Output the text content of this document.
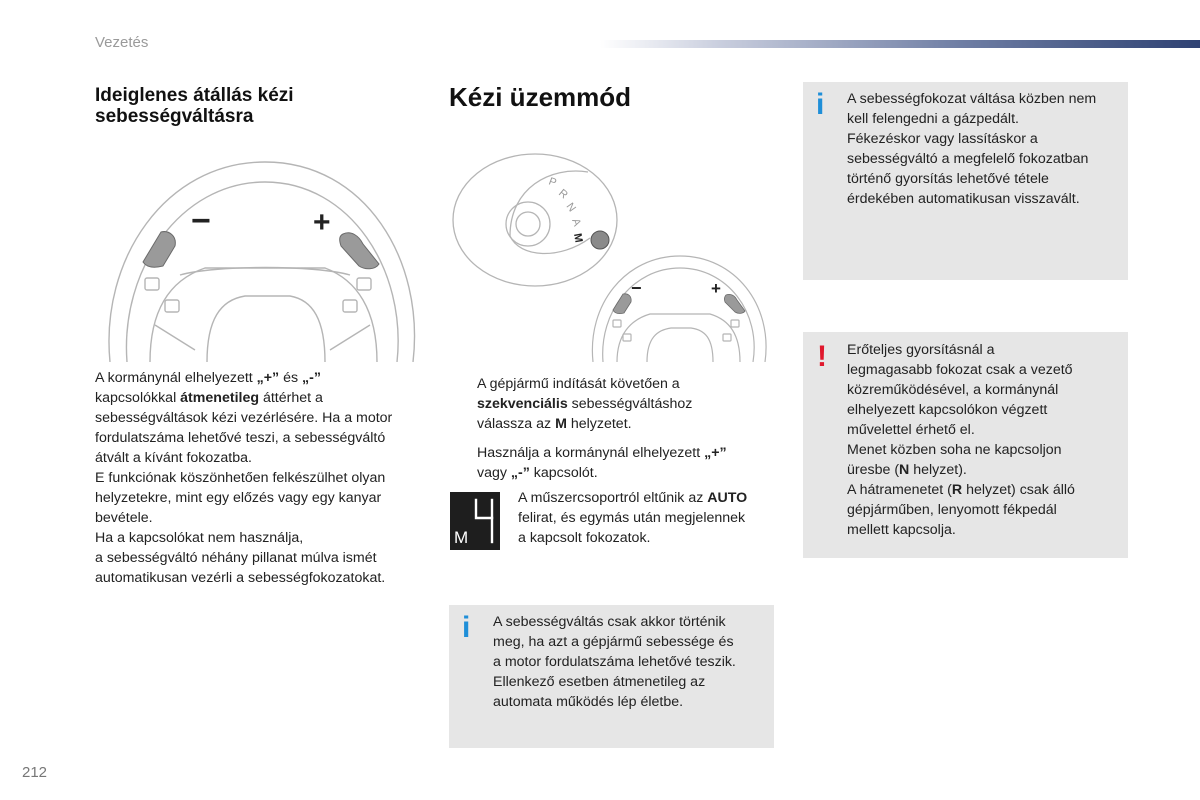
Vezetés
Ideiglenes átállás kézi
sebességváltásra
−	+

A kormánynál elhelyezett „+” és „-”

kapcsolókkal átmenetileg áttérhet a

sebességváltások kézi vezérlésére. Ha a motor

fordulatszáma lehetővé teszi, a sebességváltó

átvált a kívánt fokozatba.

E funkciónak köszönhetően felkészülhet olyan

helyzetekre, mint egy előzés vagy egy kanyar

bevétele.

Ha a kapcsolókat nem használja,

a sebességváltó néhány pillanat múlva ismét

automatikusan vezérli a sebességfokozatokat.

Kézi üzemmód
P
R
N
A
M
−	+

A gépjármű indítását követően a

szekvenciális sebességváltáshoz

válassza az M helyzetet.

Használja a kormánynál elhelyezett „+”

vagy „-” kapcsolót.

M

A műszercsoportról eltűnik az AUTO

felirat, és egymás után megjelennek

a kapcsolt fokozatok.

i A sebességváltás csak akkor történik

meg, ha azt a gépjármű sebessége és

a motor fordulatszáma lehetővé teszik.

Ellenkező esetben átmenetileg az

automata működés lép életbe.

i A sebességfokozat váltása közben nem

kell felengedni a gázpedált.

Fékezéskor vagy lassításkor a

sebességváltó a megfelelő fokozatban

történő gyorsítás lehetővé tétele

érdekében automatikusan visszavált.

! Erőteljes gyorsításnál a

legmagasabb fokozat csak a vezető

közreműködésével, a kormánynál

elhelyezett kapcsolókon végzett

művelettel érhető el.

Menet közben soha ne kapcsoljon

üresbe (N helyzet).

A hátramenetet (R helyzet) csak álló

gépjárműben, lenyomott fékpedál

mellett kapcsolja.

212
